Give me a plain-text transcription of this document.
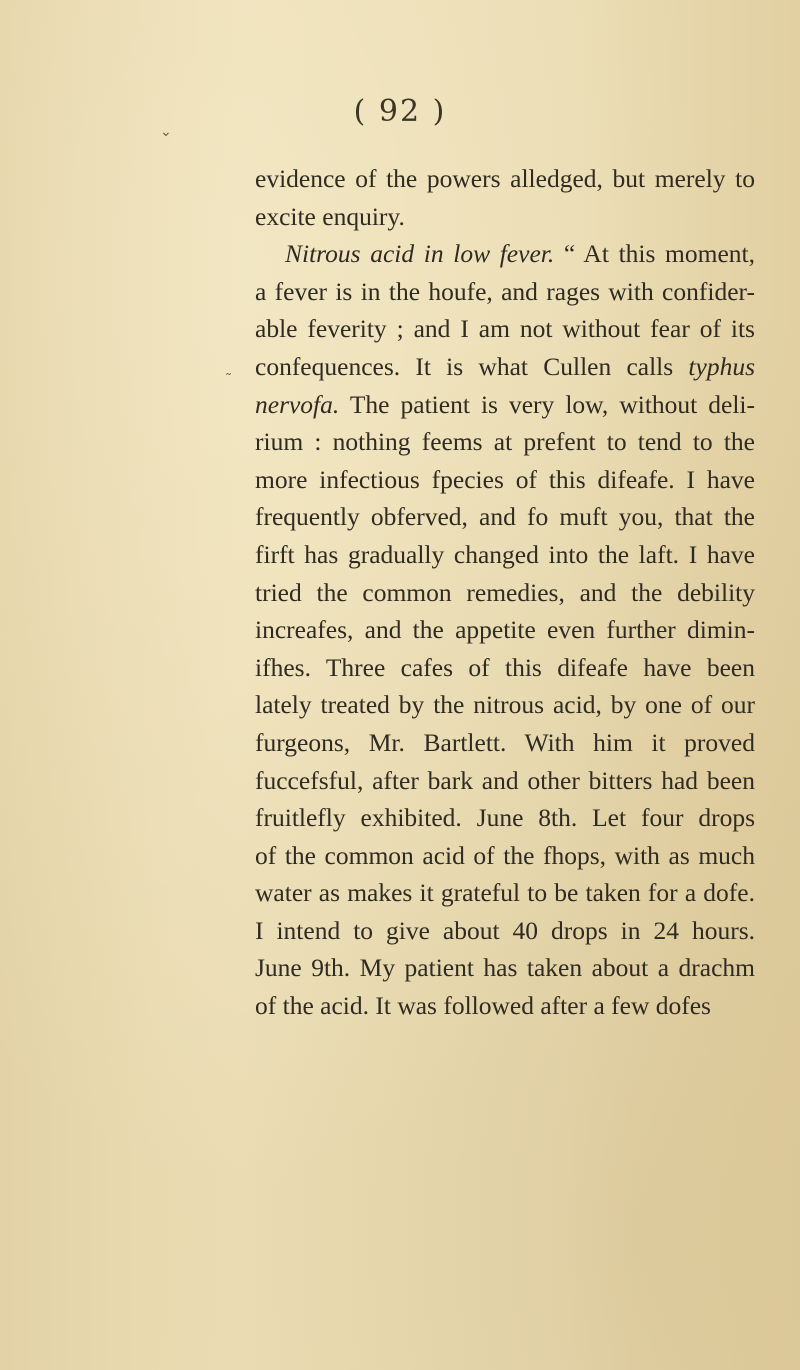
( 92 )
evidence of the powers alledged, but merely to
excite enquiry.
Nitrous acid in low fever. “ At this moment,
a fever is in the houfe, and rages with confider-
able feverity ; and I am not without fear of its
confequences. It is what Cullen calls typhus
nervofa. The patient is very low, without deli-
rium : nothing feems at prefent to tend to the
more infectious fpecies of this difeafe. I have
frequently obferved, and fo muft you, that the
firft has gradually changed into the laft. I have
tried the common remedies, and the debility
increafes, and the appetite even further dimin-
ifhes. Three cafes of this difeafe have been
lately treated by the nitrous acid, by one of our
furgeons, Mr. Bartlett. With him it proved
fuccefsful, after bark and other bitters had been
fruitlefly exhibited. June 8th. Let four drops
of the common acid of the fhops, with as much
water as makes it grateful to be taken for a dofe.
I intend to give about 40 drops in 24 hours.
June 9th. My patient has taken about a drachm
of the acid. It was followed after a few dofes
⌄
˜
